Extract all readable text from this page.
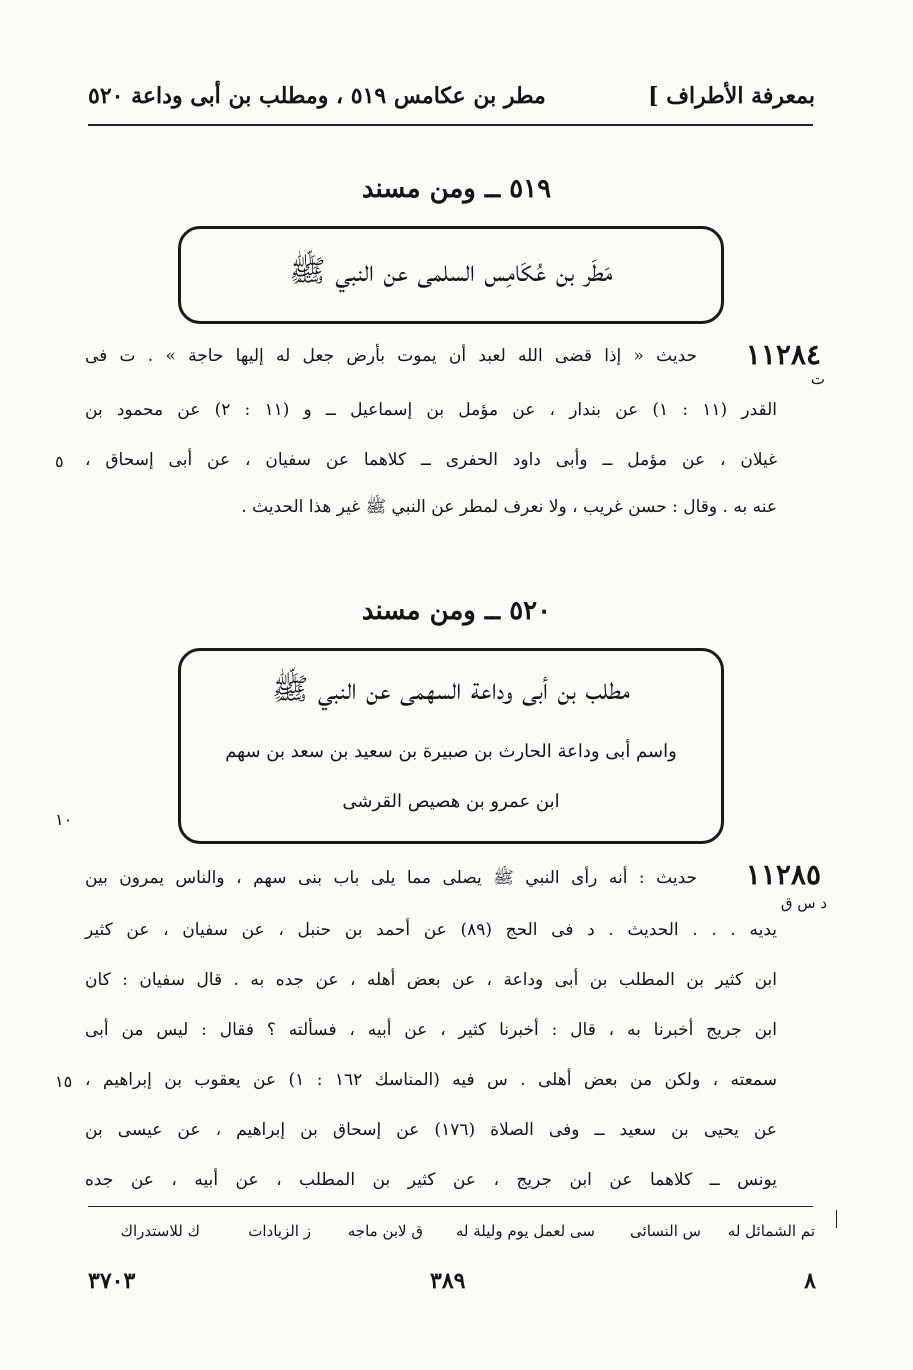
بمعرفة الأطراف ]
مطر بن عكامس ٥١٩ ، ومطلب بن أبى وداعة ٥٢٠
٥١٩ ــ ومن مسند
مَطَر بن عُكَامِس السلمى عن النبي ﷺ
١١٢٨٤
ت
حديث « إذا قضى الله لعبد أن يموت بأرض جعل له إليها حاجة » . ت فى
القدر (١١ : ١) عن بندار ، عن مؤمل بن إسماعيل ــ و (١١ : ٢) عن محمود بن
غيلان ، عن مؤمل ــ وأبى داود الحفرى ــ كلاهما عن سفيان ، عن أبى إسحاق ،
عنه به . وقال : حسن غريب ، ولا نعرف لمطر عن النبي ﷺ غير هذا الحديث .
٥
٥٢٠ ــ ومن مسند
مطلب بن أبى وداعة السهمى عن النبي ﷺ
واسم أبى وداعة الحارث بن صبيرة بن سعيد بن سعد بن سهم
ابن عمرو بن هصيص القرشى
١٠
١١٢٨٥
د س ق
حديث : أنه رأى النبي ﷺ يصلى مما يلى باب بنى سهم ، والناس يمرون بين
يديه . . . الحديث . د فى الحج (٨٩) عن أحمد بن حنبل ، عن سفيان ، عن كثير
ابن كثير بن المطلب بن أبى وداعة ، عن بعض أهله ، عن جده به . قال سفيان : كان
ابن جريج أخبرنا به ، قال : أخبرنا كثير ، عن أبيه ، فسألته ؟ فقال : ليس من أبى
سمعته ، ولكن من بعض أهلى . س فيه (المناسك ١٦٢ : ١) عن يعقوب بن إبراهيم ،
عن يحيى بن سعيد ــ وفى الصلاة (١٧٦) عن إسحاق بن إبراهيم ، عن عيسى بن
يونس ــ كلاهما عن ابن جريج ، عن كثير بن المطلب ، عن أبيه ، عن جده
١٥
تم الشمائل له
س النسائى
سى لعمل يوم وليلة له
ق لابن ماجه
ز الزيادات
ك للاستدراك
٨
٣٨٩
٣٧٠٣
